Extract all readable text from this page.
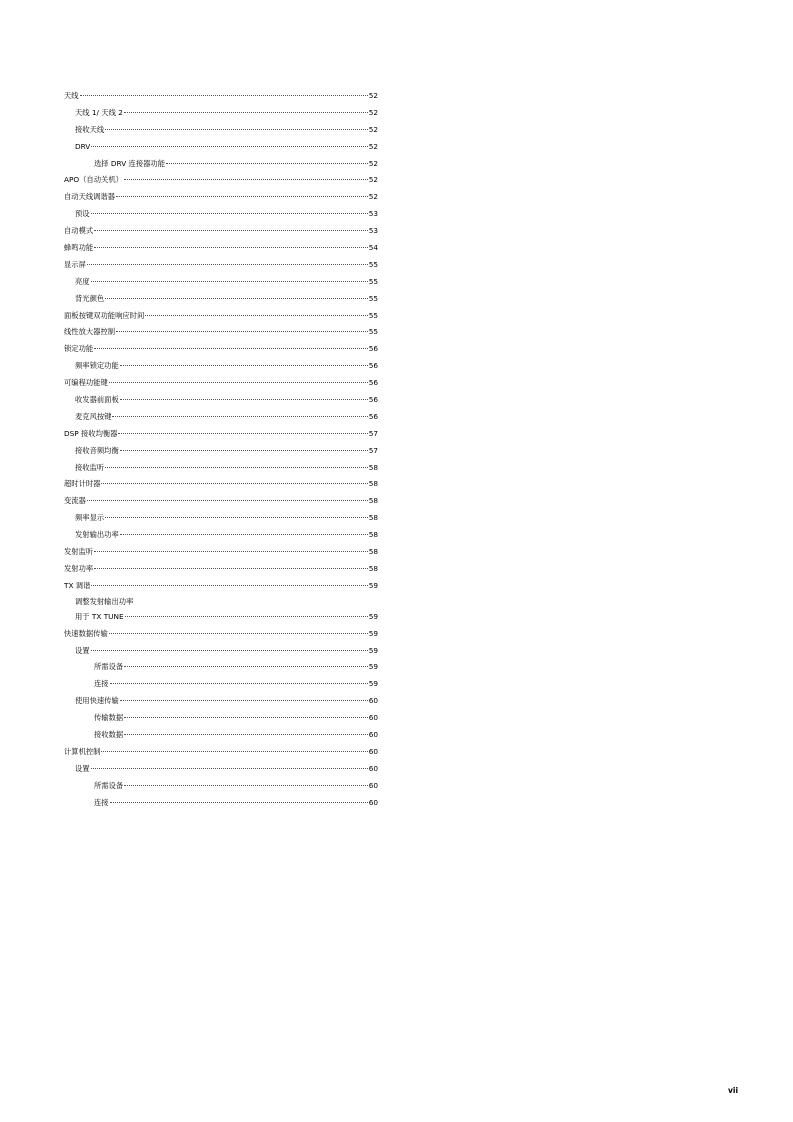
天线	52
天线 1/ 天线 2	52
接收天线	52
DRV	52
选择 DRV 连接器功能	52
APO（自动关机）	52
自动天线调谐器	52
预设	53
自动模式	53
蜂鸣功能	54
显示屏	55
亮度	55
背光颜色	55
面板按键双功能响应时间	55
线性放大器控制	55
锁定功能	56
频率锁定功能	56
可编程功能键	56
收发器前面板	56
麦克风按键	56
DSP 接收均衡器	57
接收音频均衡	57
接收监听	58
超时计时器	58
变流器	58
频率显示	58
发射输出功率	58
发射监听	58
发射功率	58
TX 调谐	59
调整发射输出功率
用于 TX TUNE	59
快速数据传输	59
设置	59
所需设备	59
连接	59
使用快速传输	60
传输数据	60
接收数据	60
计算机控制	60
设置	60
所需设备	60
连接	60
vii
